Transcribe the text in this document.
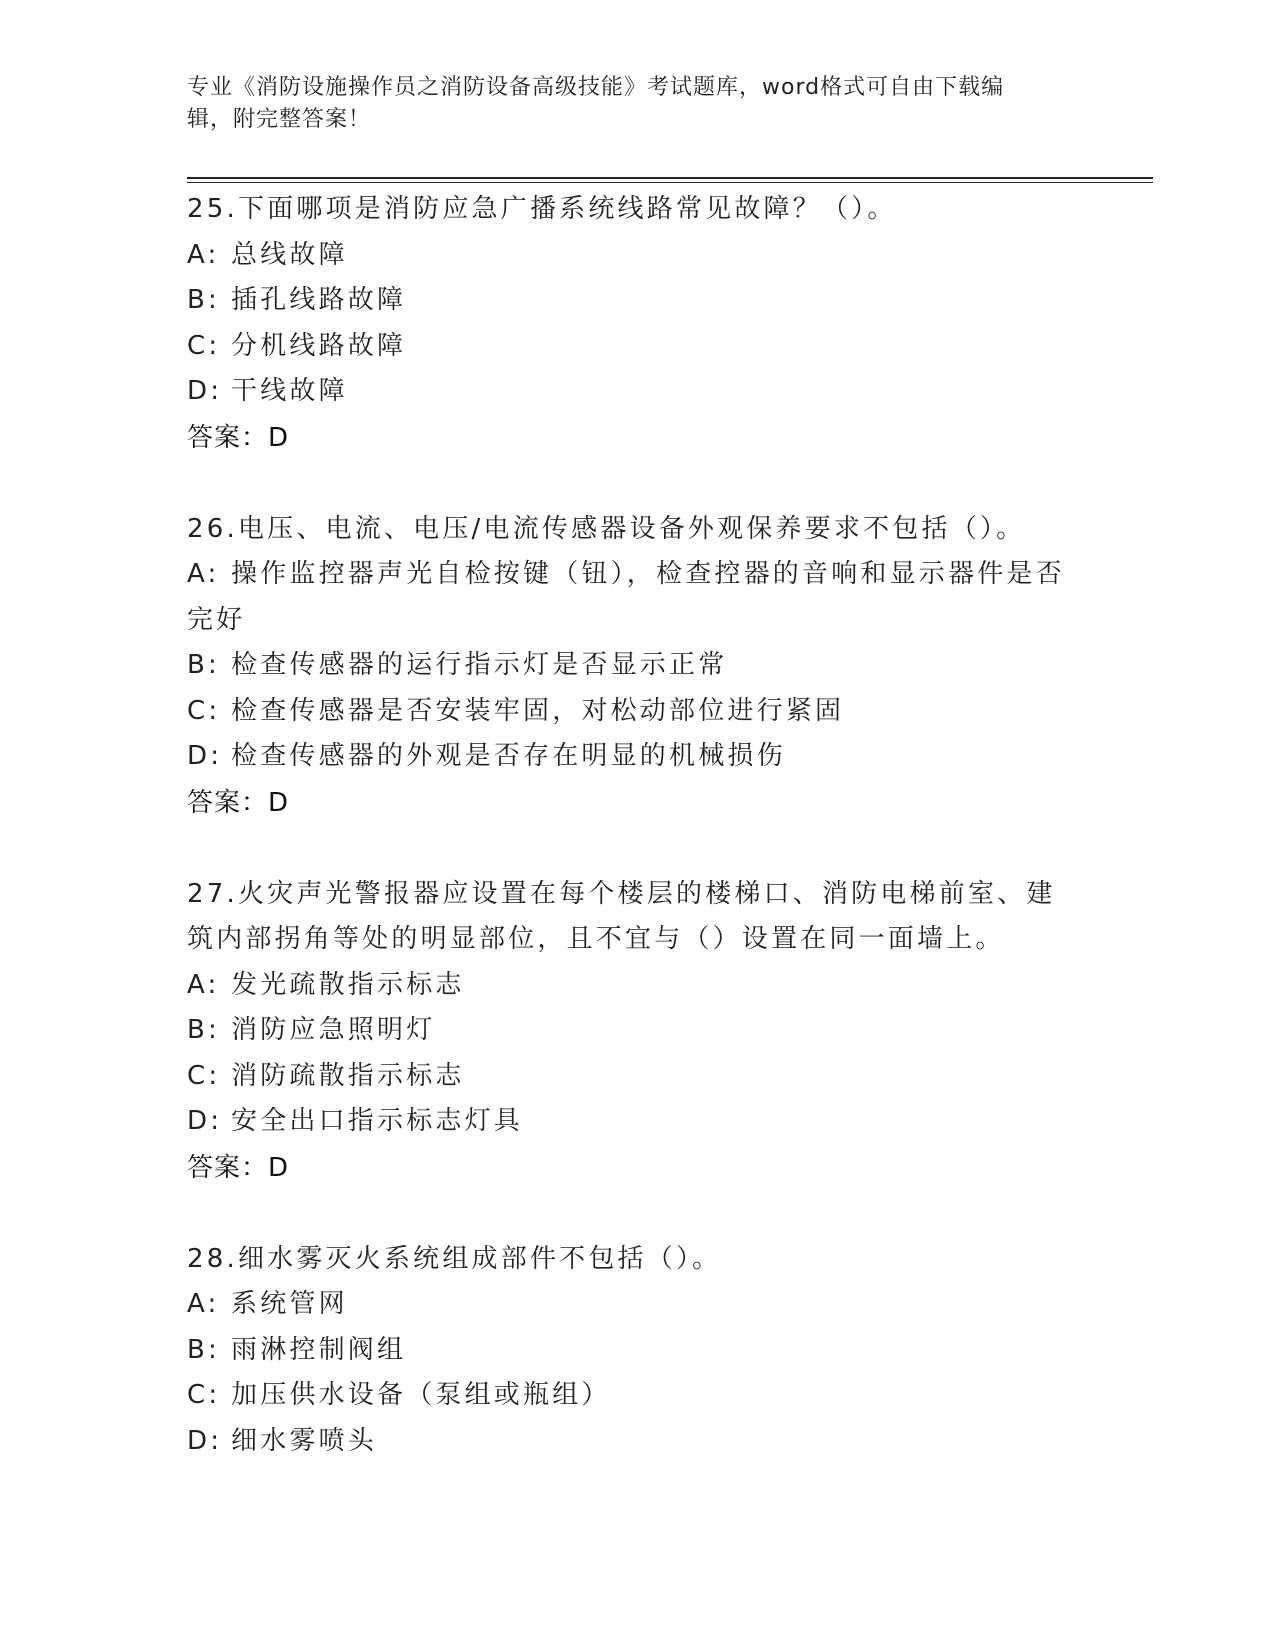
专业《消防设施操作员之消防设备高级技能》考试题库，word格式可自由下载编
辑，附完整答案！
25.下面哪项是消防应急广播系统线路常见故障？（）。
A: 总线故障
B: 插孔线路故障
C: 分机线路故障
D: 干线故障
答案：D
26.电压、电流、电压/电流传感器设备外观保养要求不包括（）。
A: 操作监控器声光自检按键（钮），检查控器的音响和显示器件是否完好
B: 检查传感器的运行指示灯是否显示正常
C: 检查传感器是否安装牢固，对松动部位进行紧固
D: 检查传感器的外观是否存在明显的机械损伤
答案：D
27.火灾声光警报器应设置在每个楼层的楼梯口、消防电梯前室、建筑内部拐角等处的明显部位，且不宜与（）设置在同一面墙上。
A: 发光疏散指示标志
B: 消防应急照明灯
C: 消防疏散指示标志
D: 安全出口指示标志灯具
答案：D
28.细水雾灭火系统组成部件不包括（）。
A: 系统管网
B: 雨淋控制阀组
C: 加压供水设备（泵组或瓶组）
D: 细水雾喷头
